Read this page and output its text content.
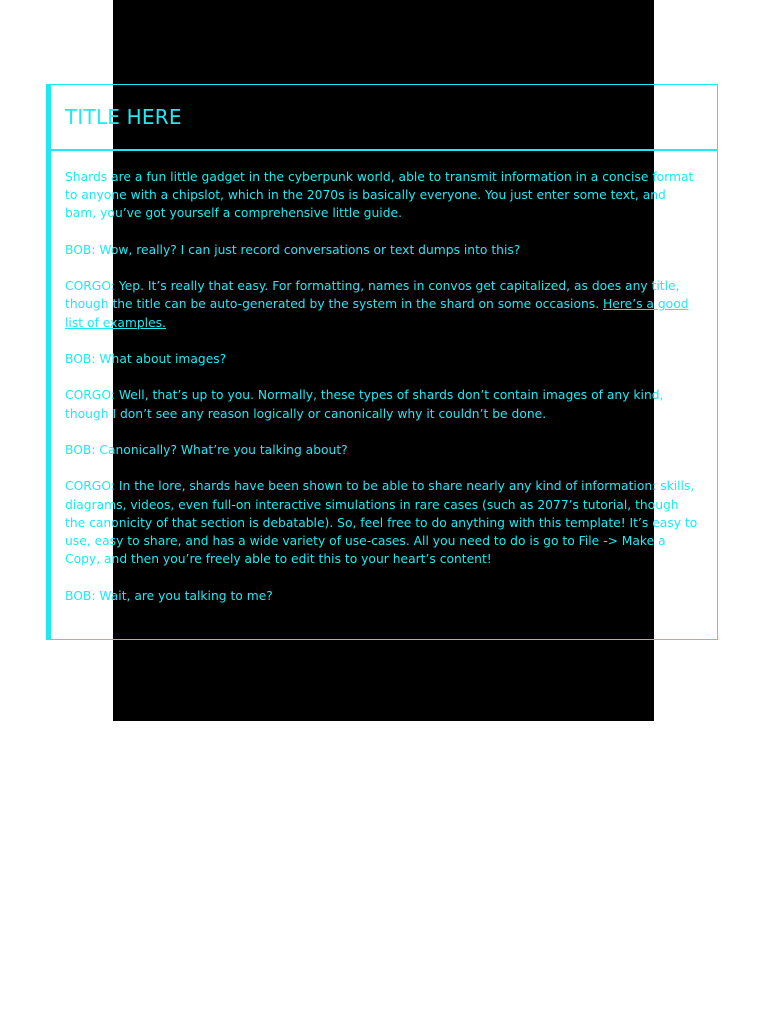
TITLE HERE

Shards are a fun little gadget in the cyberpunk world, able to transmit information in a concise format to anyone with a chipslot, which in the 2070s is basically everyone. You just enter some text, and bam, you’ve got yourself a comprehensive little guide.

BOB: Wow, really? I can just record conversations or text dumps into this?

CORGO: Yep. It’s really that easy. For formatting, names in convos get capitalized, as does any title, though the title can be auto-generated by the system in the shard on some occasions. Here’s a good list of examples.

BOB: What about images?

CORGO: Well, that’s up to you. Normally, these types of shards don’t contain images of any kind, though I don’t see any reason logically or canonically why it couldn’t be done.

BOB: Canonically? What’re you talking about?

CORGO: In the lore, shards have been shown to be able to share nearly any kind of information: skills, diagrams, videos, even full-on interactive simulations in rare cases (such as 2077’s tutorial, though the canonicity of that section is debatable). So, feel free to do anything with this template! It’s easy to use, easy to share, and has a wide variety of use-cases. All you need to do is go to File -> Make a Copy, and then you’re freely able to edit this to your heart’s content!

BOB: Wait, are you talking to me?
